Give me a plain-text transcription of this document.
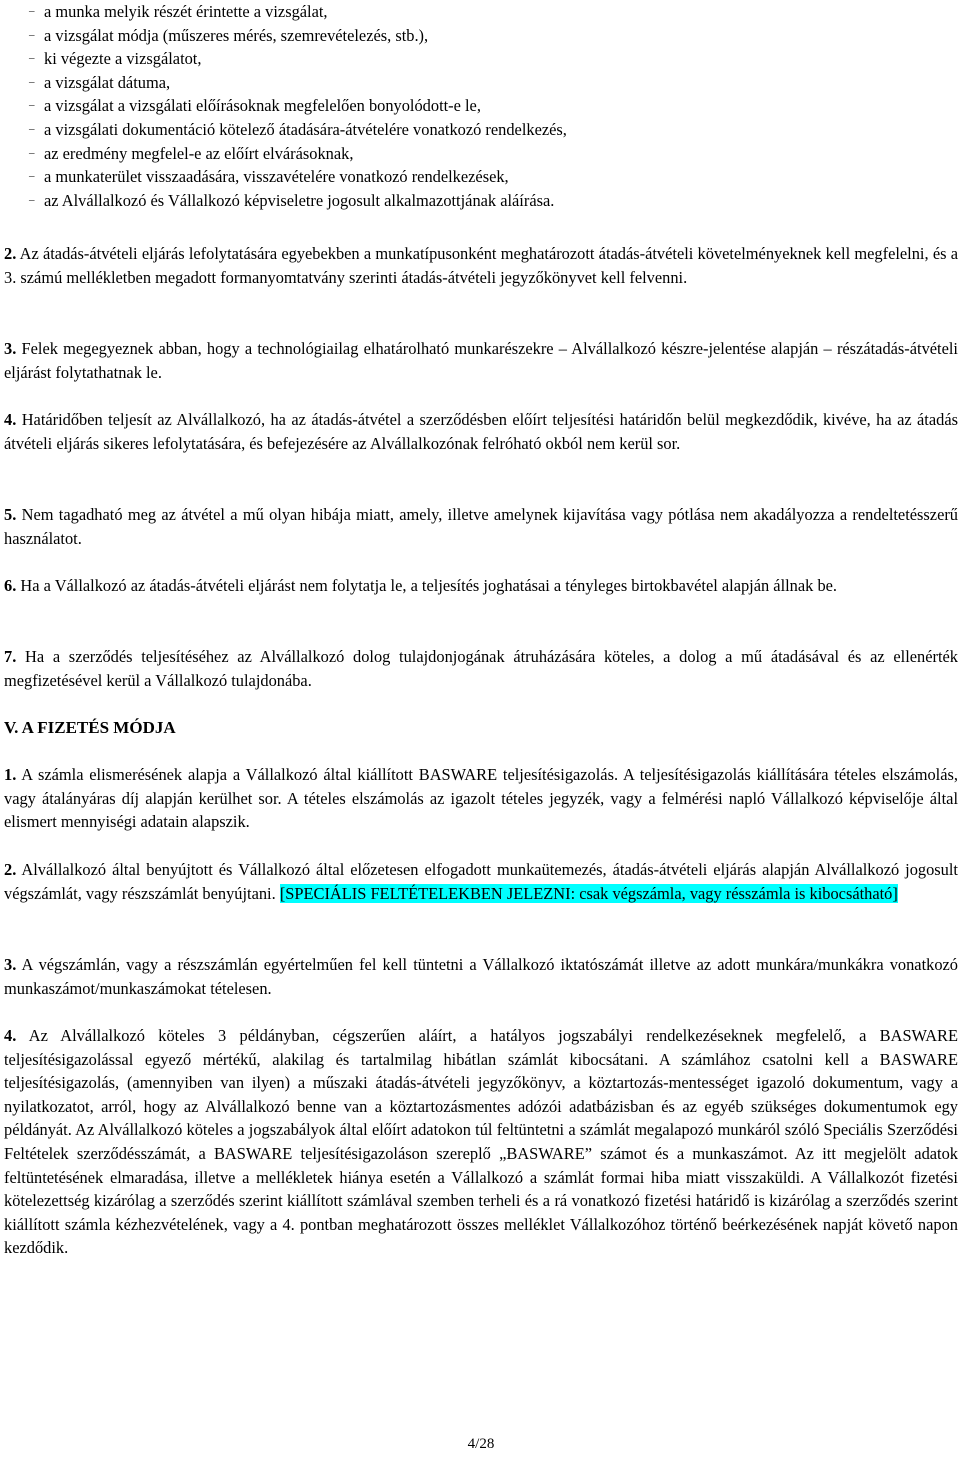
– a munka melyik részét érintette a vizsgálat,
– a vizsgálat módja (műszeres mérés, szemrevételezés, stb.),
– ki végezte a vizsgálatot,
– a vizsgálat dátuma,
– a vizsgálat a vizsgálati előírásoknak megfelelően bonyolódott-e le,
– a vizsgálati dokumentáció kötelező átadására-átvételére vonatkozó rendelkezés,
– az eredmény megfelel-e az előírt elvárásoknak,
– a munkaterület visszaadására, visszavételére vonatkozó rendelkezések,
– az Alvállalkozó és Vállalkozó képviseletre jogosult alkalmazottjának aláírása.
2. Az átadás-átvételi eljárás lefolytatására egyebekben a munkatípusonként meghatározott átadás-átvételi követelményeknek kell megfelelni, és a 3. számú mellékletben megadott formanyomtatvány szerinti átadás-átvételi jegyzőkönyvet kell felvenni.
3. Felek megegyeznek abban, hogy a technológiailag elhatárolható munkarészekre – Alvállalkozó készre-jelentése alapján – részátadás-átvételi eljárást folytathatnak le.
4. Határidőben teljesít az Alvállalkozó, ha az átadás-átvétel a szerződésben előírt teljesítési határidőn belül megkezdődik, kivéve, ha az átadás átvételi eljárás sikeres lefolytatására, és befejezésére az Alvállalkozónak felróható okból nem kerül sor.
5. Nem tagadható meg az átvétel a mű olyan hibája miatt, amely, illetve amelynek kijavítása vagy pótlása nem akadályozza a rendeltetésszerű használatot.
6. Ha a Vállalkozó az átadás-átvételi eljárást nem folytatja le, a teljesítés joghatásai a tényleges birtokbavétel alapján állnak be.
7. Ha a szerződés teljesítéséhez az Alvállalkozó dolog tulajdonjogának átruházására köteles, a dolog a mű átadásával és az ellenérték megfizetésével kerül a Vállalkozó tulajdonába.
V. A FIZETÉS MÓDJA
1. A számla elismerésének alapja a Vállalkozó által kiállított BASWARE teljesítésigazolás. A teljesítésigazolás kiállítására tételes elszámolás, vagy átalányáras díj alapján kerülhet sor. A tételes elszámolás az igazolt tételes jegyzék, vagy a felmérési napló Vállalkozó képviselője által elismert mennyiségi adatain alapszik.
2. Alvállalkozó által benyújtott és Vállalkozó által előzetesen elfogadott munkaütemezés, átadás-átvételi eljárás alapján Alvállalkozó jogosult végszámlát, vagy részszámlát benyújtani. [SPECIÁLIS FELTÉTELEKBEN JELEZNI: csak végszámla, vagy résszámla is kibocsátható]
3. A végszámlán, vagy a részszámlán egyértelműen fel kell tüntetni a Vállalkozó iktatószámát illetve az adott munkára/munkákra vonatkozó munkaszámot/munkaszámokat tételesen.
4. Az Alvállalkozó köteles 3 példányban, cégszerűen aláírt, a hatályos jogszabályi rendelkezéseknek megfelelő, a BASWARE teljesítésigazolással egyező mértékű, alakilag és tartalmilag hibátlan számlát kibocsátani. A számlához csatolni kell a BASWARE teljesítésigazolás, (amennyiben van ilyen) a műszaki átadás-átvételi jegyzőkönyv, a köztartozás-mentességet igazoló dokumentum, vagy a nyilatkozatot, arról, hogy az Alvállalkozó benne van a köztartozásmentes adózói adatbázisban és az egyéb szükséges dokumentumok egy példányát. Az Alvállalkozó köteles a jogszabályok által előírt adatokon túl feltüntetni a számlát megalapozó munkáról szóló Speciális Szerződési Feltételek szerződésszámát, a BASWARE teljesítésigazoláson szereplő „BASWARE” számot és a munkaszámot. Az itt megjelölt adatok feltüntetésének elmaradása, illetve a mellékletek hiánya esetén a Vállalkozó a számlát formai hiba miatt visszaküldi. A Vállalkozót fizetési kötelezettség kizárólag a szerződés szerint kiállított számlával szemben terheli és a rá vonatkozó fizetési határidő is kizárólag a szerződés szerint kiállított számla kézhezvételének, vagy a 4. pontban meghatározott összes melléklet Vállalkozóhoz történő beérkezésének napját követő napon kezdődik.
4/28
